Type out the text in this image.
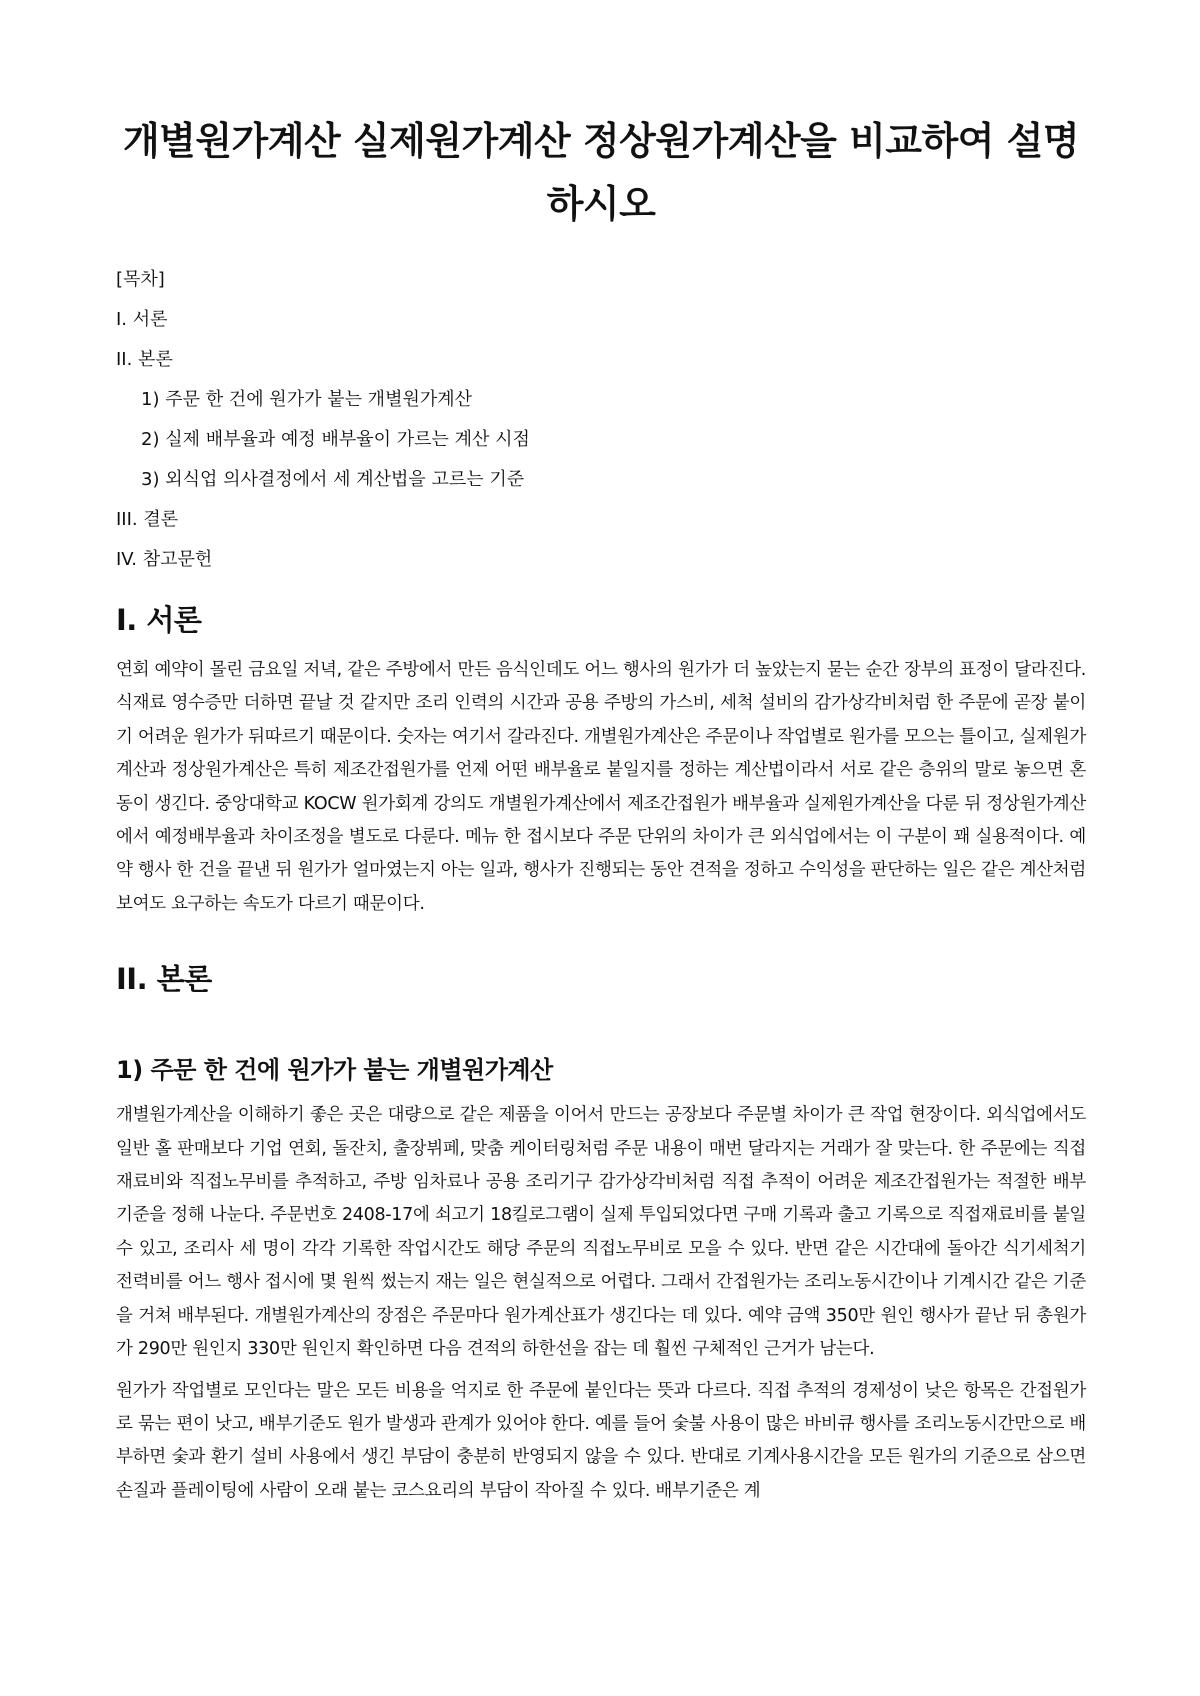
개별원가계산 실제원가계산 정상원가계산을 비교하여 설명하시오
[목차]
I. 서론
II. 본론
1) 주문 한 건에 원가가 붙는 개별원가계산
2) 실제 배부율과 예정 배부율이 가르는 계산 시점
3) 외식업 의사결정에서 세 계산법을 고르는 기준
III. 결론
IV. 참고문헌
I. 서론

연회 예약이 몰린 금요일 저녁, 같은 주방에서 만든 음식인데도 어느 행사의 원가가 더 높았는지 묻는 순간 장부의 표정이 달라진다. 식재료 영수증만 더하면 끝날 것 같지만 조리 인력의 시간과 공용 주방의 가스비, 세척 설비의 감가상각비처럼 한 주문에 곧장 붙이기 어려운 원가가 뒤따르기 때문이다. 숫자는 여기서 갈라진다. 개별원가계산은 주문이나 작업별로 원가를 모으는 틀이고, 실제원가계산과 정상원가계산은 특히 제조간접원가를 언제 어떤 배부율로 붙일지를 정하는 계산법이라서 서로 같은 층위의 말로 놓으면 혼동이 생긴다. 중앙대학교 KOCW 원가회계 강의도 개별원가계산에서 제조간접원가 배부율과 실제원가계산을 다룬 뒤 정상원가계산에서 예정배부율과 차이조정을 별도로 다룬다. 메뉴 한 접시보다 주문 단위의 차이가 큰 외식업에서는 이 구분이 꽤 실용적이다. 예약 행사 한 건을 끝낸 뒤 원가가 얼마였는지 아는 일과, 행사가 진행되는 동안 견적을 정하고 수익성을 판단하는 일은 같은 계산처럼 보여도 요구하는 속도가 다르기 때문이다.

II. 본론
1) 주문 한 건에 원가가 붙는 개별원가계산

개별원가계산을 이해하기 좋은 곳은 대량으로 같은 제품을 이어서 만드는 공장보다 주문별 차이가 큰 작업 현장이다. 외식업에서도 일반 홀 판매보다 기업 연회, 돌잔치, 출장뷔페, 맞춤 케이터링처럼 주문 내용이 매번 달라지는 거래가 잘 맞는다. 한 주문에는 직접재료비와 직접노무비를 추적하고, 주방 임차료나 공용 조리기구 감가상각비처럼 직접 추적이 어려운 제조간접원가는 적절한 배부기준을 정해 나눈다. 주문번호 2408-17에 쇠고기 18킬로그램이 실제 투입되었다면 구매 기록과 출고 기록으로 직접재료비를 붙일 수 있고, 조리사 세 명이 각각 기록한 작업시간도 해당 주문의 직접노무비로 모을 수 있다. 반면 같은 시간대에 돌아간 식기세척기 전력비를 어느 행사 접시에 몇 원씩 썼는지 재는 일은 현실적으로 어렵다. 그래서 간접원가는 조리노동시간이나 기계시간 같은 기준을 거쳐 배부된다. 개별원가계산의 장점은 주문마다 원가계산표가 생긴다는 데 있다. 예약 금액 350만 원인 행사가 끝난 뒤 총원가가 290만 원인지 330만 원인지 확인하면 다음 견적의 하한선을 잡는 데 훨씬 구체적인 근거가 남는다.

원가가 작업별로 모인다는 말은 모든 비용을 억지로 한 주문에 붙인다는 뜻과 다르다. 직접 추적의 경제성이 낮은 항목은 간접원가로 묶는 편이 낫고, 배부기준도 원가 발생과 관계가 있어야 한다. 예를 들어 숯불 사용이 많은 바비큐 행사를 조리노동시간만으로 배부하면 숯과 환기 설비 사용에서 생긴 부담이 충분히 반영되지 않을 수 있다. 반대로 기계사용시간을 모든 원가의 기준으로 삼으면 손질과 플레이팅에 사람이 오래 붙는 코스요리의 부담이 작아질 수 있다. 배부기준은 계
